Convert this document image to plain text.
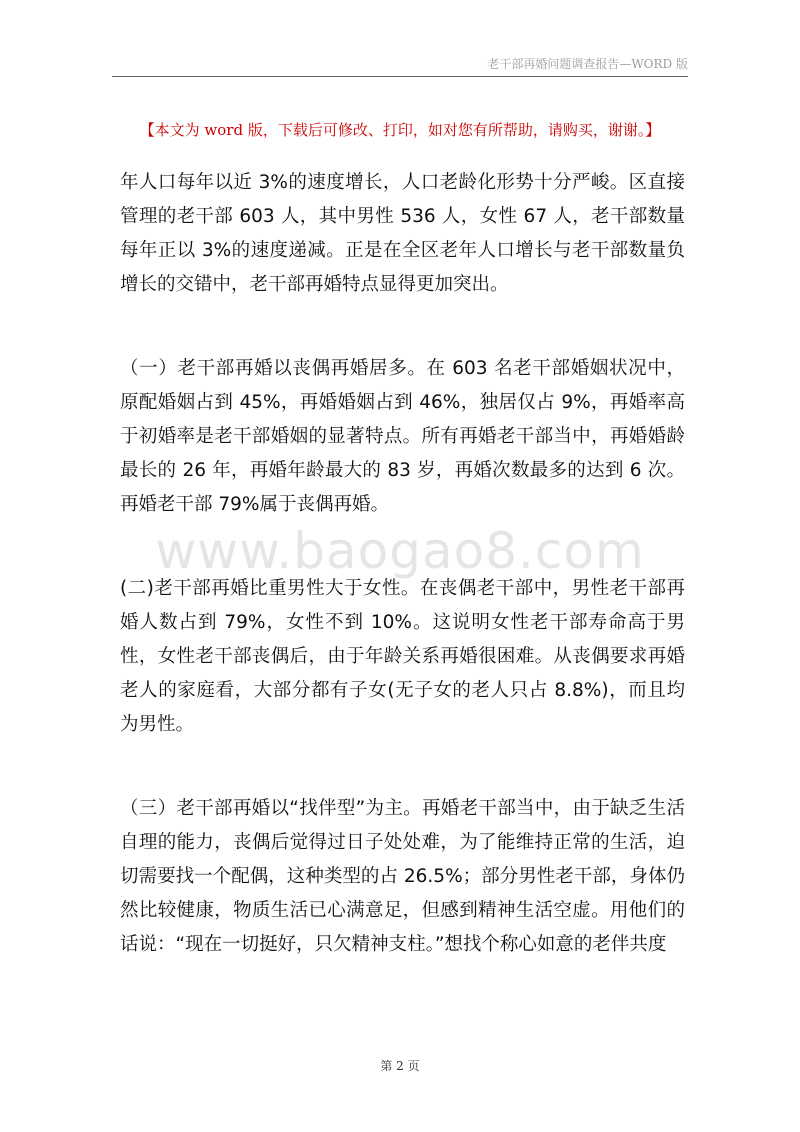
老干部再婚问题调查报告—WORD 版
【本文为 word 版，下载后可修改、打印，如对您有所帮助，请购买，谢谢。】

年人口每年以近 3%的速度增长，人口老龄化形势十分严峻。区直接管理的老干部 603 人，其中男性 536 人，女性 67 人，老干部数量每年正以 3%的速度递减。正是在全区老年人口增长与老干部数量负增长的交错中，老干部再婚特点显得更加突出。

（一）老干部再婚以丧偶再婚居多。在 603 名老干部婚姻状况中，原配婚姻占到 45%，再婚婚姻占到 46%，独居仅占 9%，再婚率高于初婚率是老干部婚姻的显著特点。所有再婚老干部当中，再婚婚龄最长的 26 年，再婚年龄最大的 83 岁，再婚次数最多的达到 6 次。再婚老干部 79%属于丧偶再婚。

(二)老干部再婚比重男性大于女性。在丧偶老干部中，男性老干部再婚人数占到 79%，女性不到 10%。这说明女性老干部寿命高于男性，女性老干部丧偶后，由于年龄关系再婚很困难。从丧偶要求再婚老人的家庭看，大部分都有子女(无子女的老人只占 8.8%)，而且均为男性。

（三）老干部再婚以“找伴型”为主。再婚老干部当中，由于缺乏生活自理的能力，丧偶后觉得过日子处处难，为了能维持正常的生活，迫切需要找一个配偶，这种类型的占 26.5%；部分男性老干部，身体仍然比较健康，物质生活已心满意足，但感到精神生活空虚。用他们的话说：“现在一切挺好，只欠精神支柱。”想找个称心如意的老伴共度

www.baogao8.com
第 2 页
